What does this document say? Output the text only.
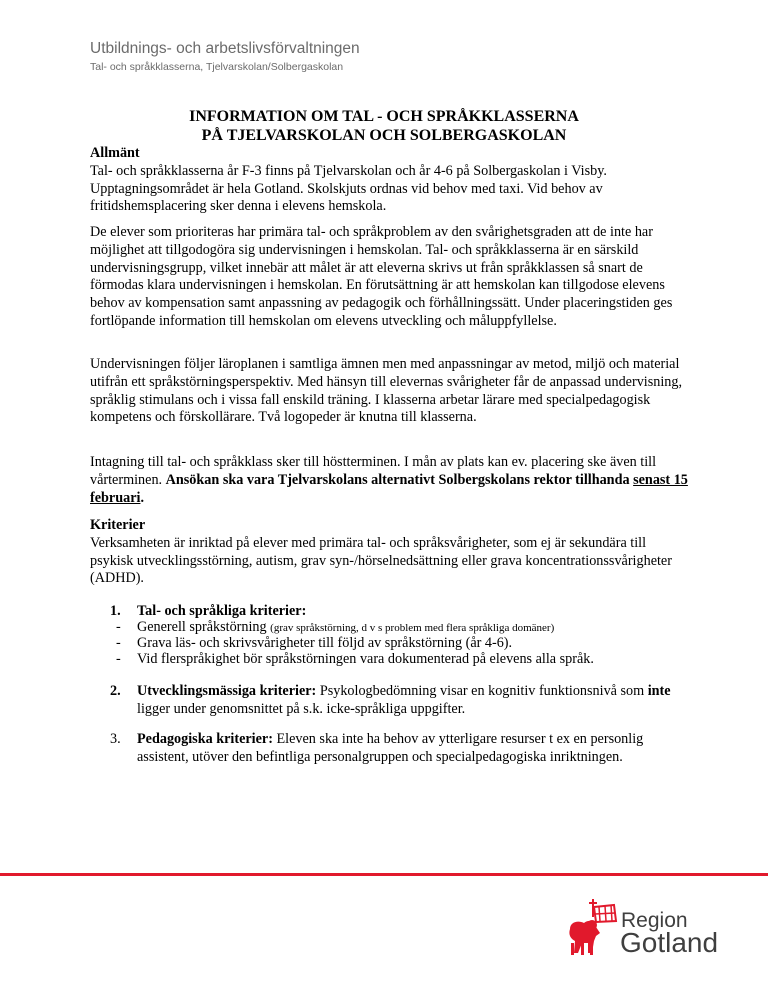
Utbildnings- och arbetslivsförvaltningen
Tal- och språkklasserna, Tjelvarskolan/Solbergaskolan
INFORMATION OM TAL - OCH SPRÅKKLASSERNA
PÅ TJELVARSKOLAN OCH SOLBERGASKOLAN

Allmänt

Tal- och språkklasserna år F-3 finns på Tjelvarskolan och år 4-6 på Solbergaskolan i Visby. Upptagningsområdet är hela Gotland. Skolskjuts ordnas vid behov med taxi. Vid behov av fritidshemsplacering sker denna i elevens hemskola.

De elever som prioriteras har primära tal- och språkproblem av den svårighetsgraden att de inte har möjlighet att tillgodogöra sig undervisningen i hemskolan. Tal- och språkklasserna är en särskild undervisningsgrupp, vilket innebär att målet är att eleverna skrivs ut från språkklassen så snart de förmodas klara undervisningen i hemskolan. En förutsättning är att hemskolan kan tillgodose elevens behov av kompensation samt anpassning av pedagogik och förhållningssätt. Under placeringstiden ges fortlöpande information till hemskolan om elevens utveckling och måluppfyllelse.

Undervisningen följer läroplanen i samtliga ämnen men med anpassningar av metod, miljö och material utifrån ett språkstörningsperspektiv. Med hänsyn till elevernas svårigheter får de anpassad undervisning, språklig stimulans och i vissa fall enskild träning. I klasserna arbetar lärare med specialpedagogisk kompetens och förskollärare. Två logopeder är knutna till klasserna.

Intagning till tal- och språkklass sker till höstterminen. I mån av plats kan ev. placering ske även till vårterminen. Ansökan ska vara Tjelvarskolans alternativt Solbergskolans rektor tillhanda senast 15 februari.

Kriterier

Verksamheten är inriktad på elever med primära tal- och språksvårigheter, som ej är sekundära till psykisk utvecklingsstörning, autism, grav syn-/hörselnedsättning eller grava koncentrationssvårigheter (ADHD).

1. Tal- och språkliga kriterier:
- Generell språkstörning (grav språkstörning, d v s problem med flera språkliga domäner)
- Grava läs- och skrivsvårigheter till följd av språkstörning (år 4-6).
- Vid flerspråkighet bör språkstörningen vara dokumenterad på elevens alla språk.
2. Utvecklingsmässiga kriterier: Psykologbedömning visar en kognitiv funktionsnivå som inte ligger under genomsnittet på s.k. icke-språkliga uppgifter.
3. Pedagogiska kriterier: Eleven ska inte ha behov av ytterligare resurser t ex en personlig assistent, utöver den befintliga personalgruppen och specialpedagogiska inriktningen.
Region
Gotland
